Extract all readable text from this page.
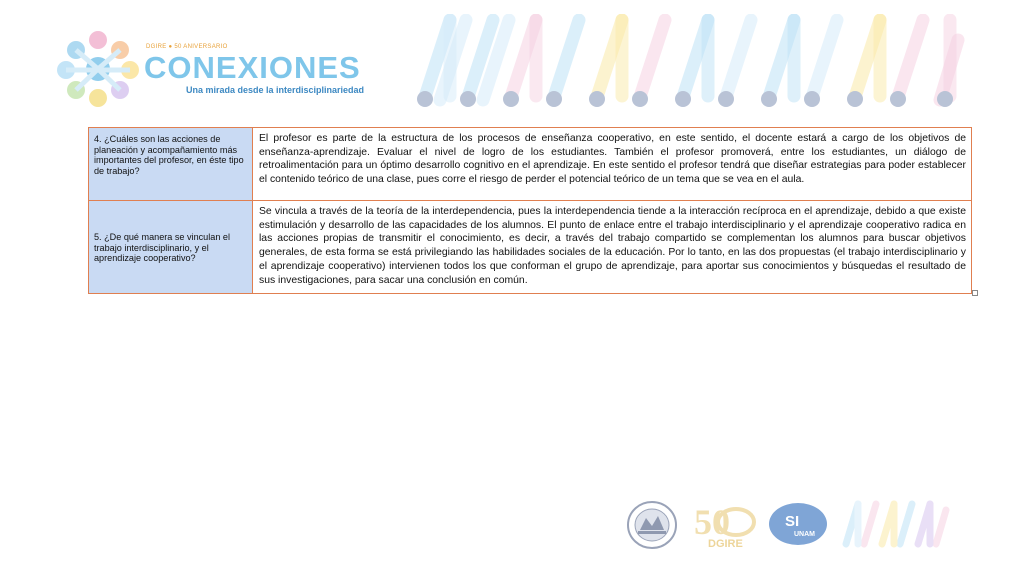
DGIRE ● 50 ANIVERSARIO
CONEXIONES
Una mirada desde la interdisciplinariedad
4. ¿Cuáles son las acciones de planeación y acompañamiento más importantes del profesor, en éste tipo de trabajo?	El profesor es parte de la estructura de los procesos de enseñanza cooperativo, en este sentido, el docente estará a cargo de los objetivos de enseñanza-aprendizaje. Evaluar el nivel de logro de los estudiantes. También el profesor promoverá, entre los estudiantes, un diálogo de retroalimentación para un óptimo desarrollo cognitivo en el aprendizaje. En este sentido el profesor tendrá que diseñar estrategias para poder establecer el contenido teórico de una clase, pues corre el riesgo de perder el potencial teórico de un tema que se vea en el aula.
5. ¿De qué manera se vinculan el trabajo interdisciplinario, y el aprendizaje cooperativo?	Se vincula a través de la teoría de la interdependencia, pues la interdependencia tiende a la interacción recíproca en el aprendizaje, debido a que existe estimulación y desarrollo de las capacidades de los alumnos. El punto de enlace entre el trabajo interdisciplinario y el aprendizaje cooperativo radica en las acciones propias de transmitir el conocimiento, es decir, a través del trabajo compartido se complementan los alumnos para buscar objetivos generales, de esta forma se está privilegiando las habilidades sociales de la educación. Por lo tanto, en las dos propuestas (el trabajo interdisciplinario y el aprendizaje cooperativo) intervienen todos los que conforman el grupo de aprendizaje, para aportar sus conocimientos y búsquedas el resultado de sus investigaciones, para sacar una conclusión en común.
50
DGIRE
SI
UNAM
